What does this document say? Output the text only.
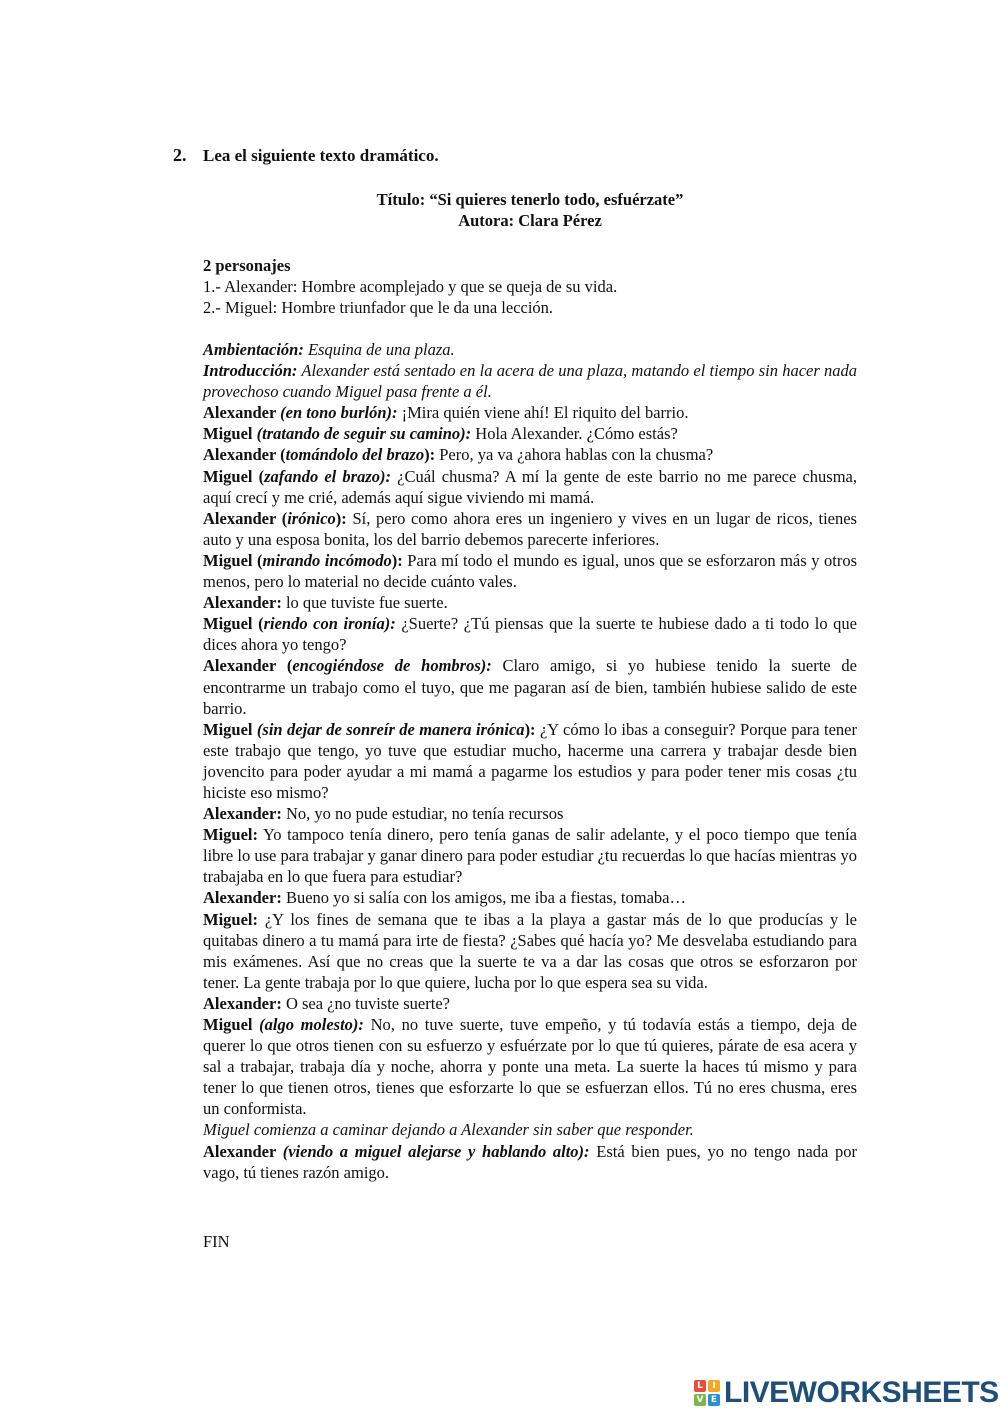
2. Lea el siguiente texto dramático.
Título: “Si quieres tenerlo todo, esfuérzate”
Autora: Clara Pérez
2 personajes
1.- Alexander: Hombre acomplejado y que se queja de su vida.
2.- Miguel: Hombre triunfador que le da una lección.
Ambientación: Esquina de una plaza.
Introducción: Alexander está sentado en la acera de una plaza, matando el tiempo sin hacer nada provechoso cuando Miguel pasa frente a él.
Alexander (en tono burlón): ¡Mira quién viene ahí! El riquito del barrio.
Miguel (tratando de seguir su camino): Hola Alexander. ¿Cómo estás?
Alexander (tomándolo del brazo): Pero, ya va ¿ahora hablas con la chusma?
Miguel (zafando el brazo): ¿Cuál chusma? A mí la gente de este barrio no me parece chusma, aquí crecí y me crié, además aquí sigue viviendo mi mamá.
Alexander (irónico): Sí, pero como ahora eres un ingeniero y vives en un lugar de ricos, tienes auto y una esposa bonita, los del barrio debemos parecerte inferiores.
Miguel (mirando incómodo): Para mí todo el mundo es igual, unos que se esforzaron más y otros menos, pero lo material no decide cuánto vales.
Alexander: lo que tuviste fue suerte.
Miguel (riendo con ironía): ¿Suerte? ¿Tú piensas que la suerte te hubiese dado a ti todo lo que dices ahora yo tengo?
Alexander (encogiéndose de hombros): Claro amigo, si yo hubiese tenido la suerte de encontrarme un trabajo como el tuyo, que me pagaran así de bien, también hubiese salido de este barrio.
Miguel (sin dejar de sonreír de manera irónica): ¿Y cómo lo ibas a conseguir? Porque para tener este trabajo que tengo, yo tuve que estudiar mucho, hacerme una carrera y trabajar desde bien jovencito para poder ayudar a mi mamá a pagarme los estudios y para poder tener mis cosas ¿tu hiciste eso mismo?
Alexander: No, yo no pude estudiar, no tenía recursos
Miguel: Yo tampoco tenía dinero, pero tenía ganas de salir adelante, y el poco tiempo que tenía libre lo use para trabajar y ganar dinero para poder estudiar ¿tu recuerdas lo que hacías mientras yo trabajaba en lo que fuera para estudiar?
Alexander: Bueno yo si salía con los amigos, me iba a fiestas, tomaba…
Miguel: ¿Y los fines de semana que te ibas a la playa a gastar más de lo que producías y le quitabas dinero a tu mamá para irte de fiesta? ¿Sabes qué hacía yo? Me desvelaba estudiando para mis exámenes. Así que no creas que la suerte te va a dar las cosas que otros se esforzaron por tener. La gente trabaja por lo que quiere, lucha por lo que espera sea su vida.
Alexander: O sea ¿no tuviste suerte?
Miguel (algo molesto): No, no tuve suerte, tuve empeño, y tú todavía estás a tiempo, deja de querer lo que otros tienen con su esfuerzo y esfuérzate por lo que tú quieres, párate de esa acera y sal a trabajar, trabaja día y noche, ahorra y ponte una meta. La suerte la haces tú mismo y para tener lo que tienen otros, tienes que esforzarte lo que se esfuerzan ellos. Tú no eres chusma, eres un conformista.
Miguel comienza a caminar dejando a Alexander sin saber que responder.
Alexander (viendo a miguel alejarse y hablando alto): Está bien pues, yo no tengo nada por vago, tú tienes razón amigo.
FIN
L	I
V E LIVEWORKSHEETS
